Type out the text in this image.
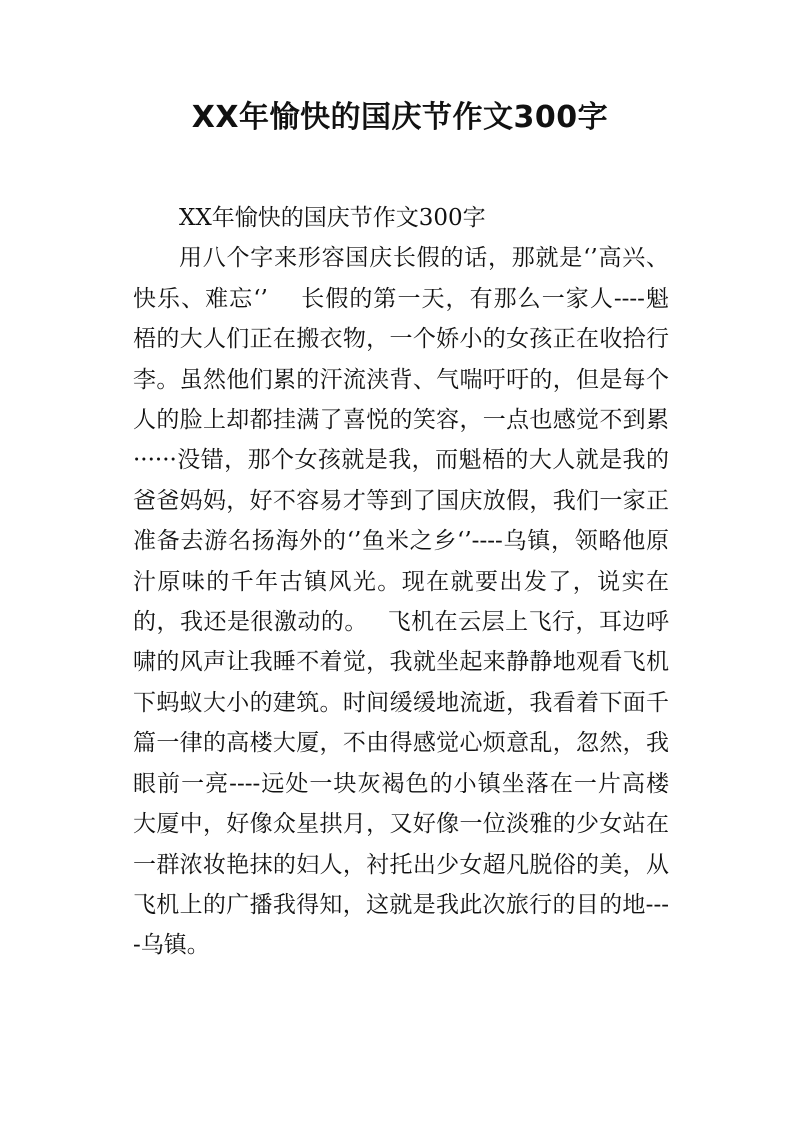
XX年愉快的国庆节作文300字

XX年愉快的国庆节作文300字

用八个字来形容国庆长假的话，那就是‘’高兴、快乐、难忘‘’　 长假的第一天，有那么一家人----魁梧的大人们正在搬衣物，一个娇小的女孩正在收拾行李。虽然他们累的汗流浃背、气喘吁吁的，但是每个人的脸上却都挂满了喜悦的笑容，一点也感觉不到累······没错，那个女孩就是我，而魁梧的大人就是我的爸爸妈妈，好不容易才等到了国庆放假，我们一家正准备去游名扬海外的‘’鱼米之乡‘’----乌镇，领略他原汁原味的千年古镇风光。现在就要出发了，说实在的，我还是很激动的。　 飞机在云层上飞行，耳边呼啸的风声让我睡不着觉，我就坐起来静静地观看飞机下蚂蚁大小的建筑。时间缓缓地流逝，我看着下面千篇一律的高楼大厦，不由得感觉心烦意乱，忽然，我眼前一亮----远处一块灰褐色的小镇坐落在一片高楼大厦中，好像众星拱月，又好像一位淡雅的少女站在一群浓妆艳抹的妇人，衬托出少女超凡脱俗的美，从飞机上的广播我得知，这就是我此次旅行的目的地----乌镇。
